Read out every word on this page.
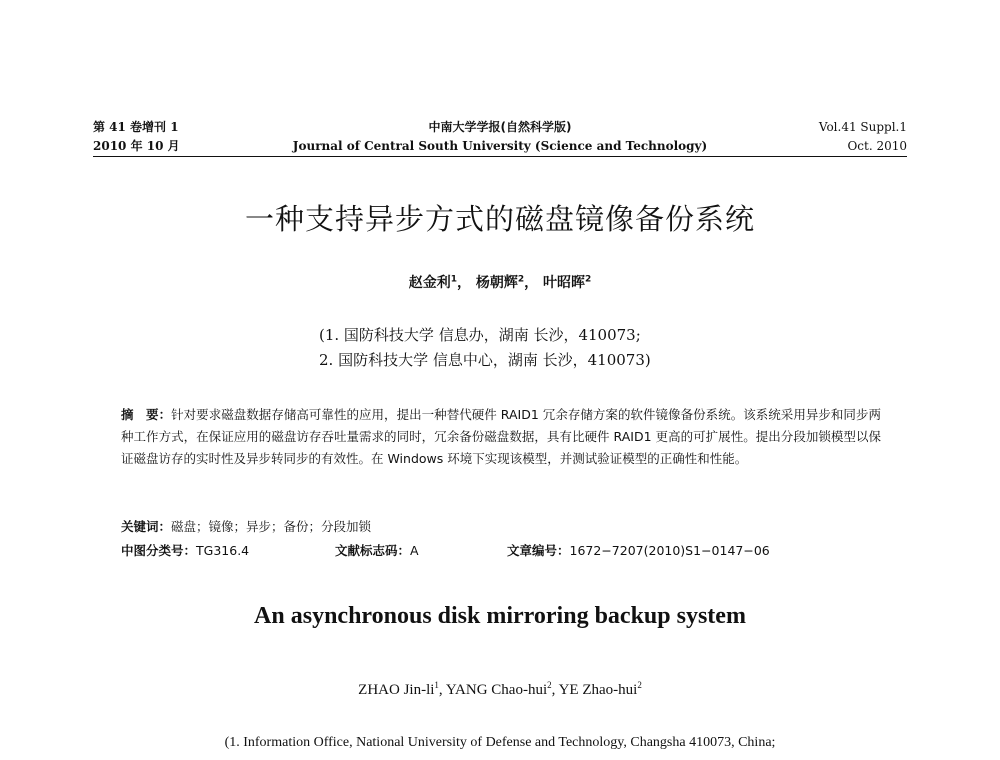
第 41 卷增刊 1
2010 年 10 月
中南大学学报(自然科学版)
Journal of Central South University (Science and Technology)
Vol.41 Suppl.1
Oct. 2010
一种支持异步方式的磁盘镜像备份系统
赵金利$^1$， 杨朝辉$^2$， 叶昭晖$^2$
(1. 国防科技大学 信息办，湖南 长沙，410073;
2. 国防科技大学 信息中心，湖南 长沙，410073)
摘　要：针对要求磁盘数据存储高可靠性的应用，提出一种替代硬件 RAID1 冗余存储方案的软件镜像备份系统。该系统采用异步和同步两种工作方式，在保证应用的磁盘访存吞吐量需求的同时，冗余备份磁盘数据，具有比硬件 RAID1 更高的可扩展性。提出分段加锁模型以保证磁盘访存的实时性及异步转同步的有效性。在 Windows 环境下实现该模型，并测试验证模型的正确性和性能。
关键词：磁盘；镜像；异步；备份；分段加锁
中图分类号：TG316.4	文献标志码：A	文章编号：1672−7207(2010)S1−0147−06
An asynchronous disk mirroring backup system
ZHAO Jin-$li^1$, YANG Chao-hui$^2$, YE Zhao-hui$^2$
(1. Information Office, National University of Defense and Technology, Changsha 410073, China;
